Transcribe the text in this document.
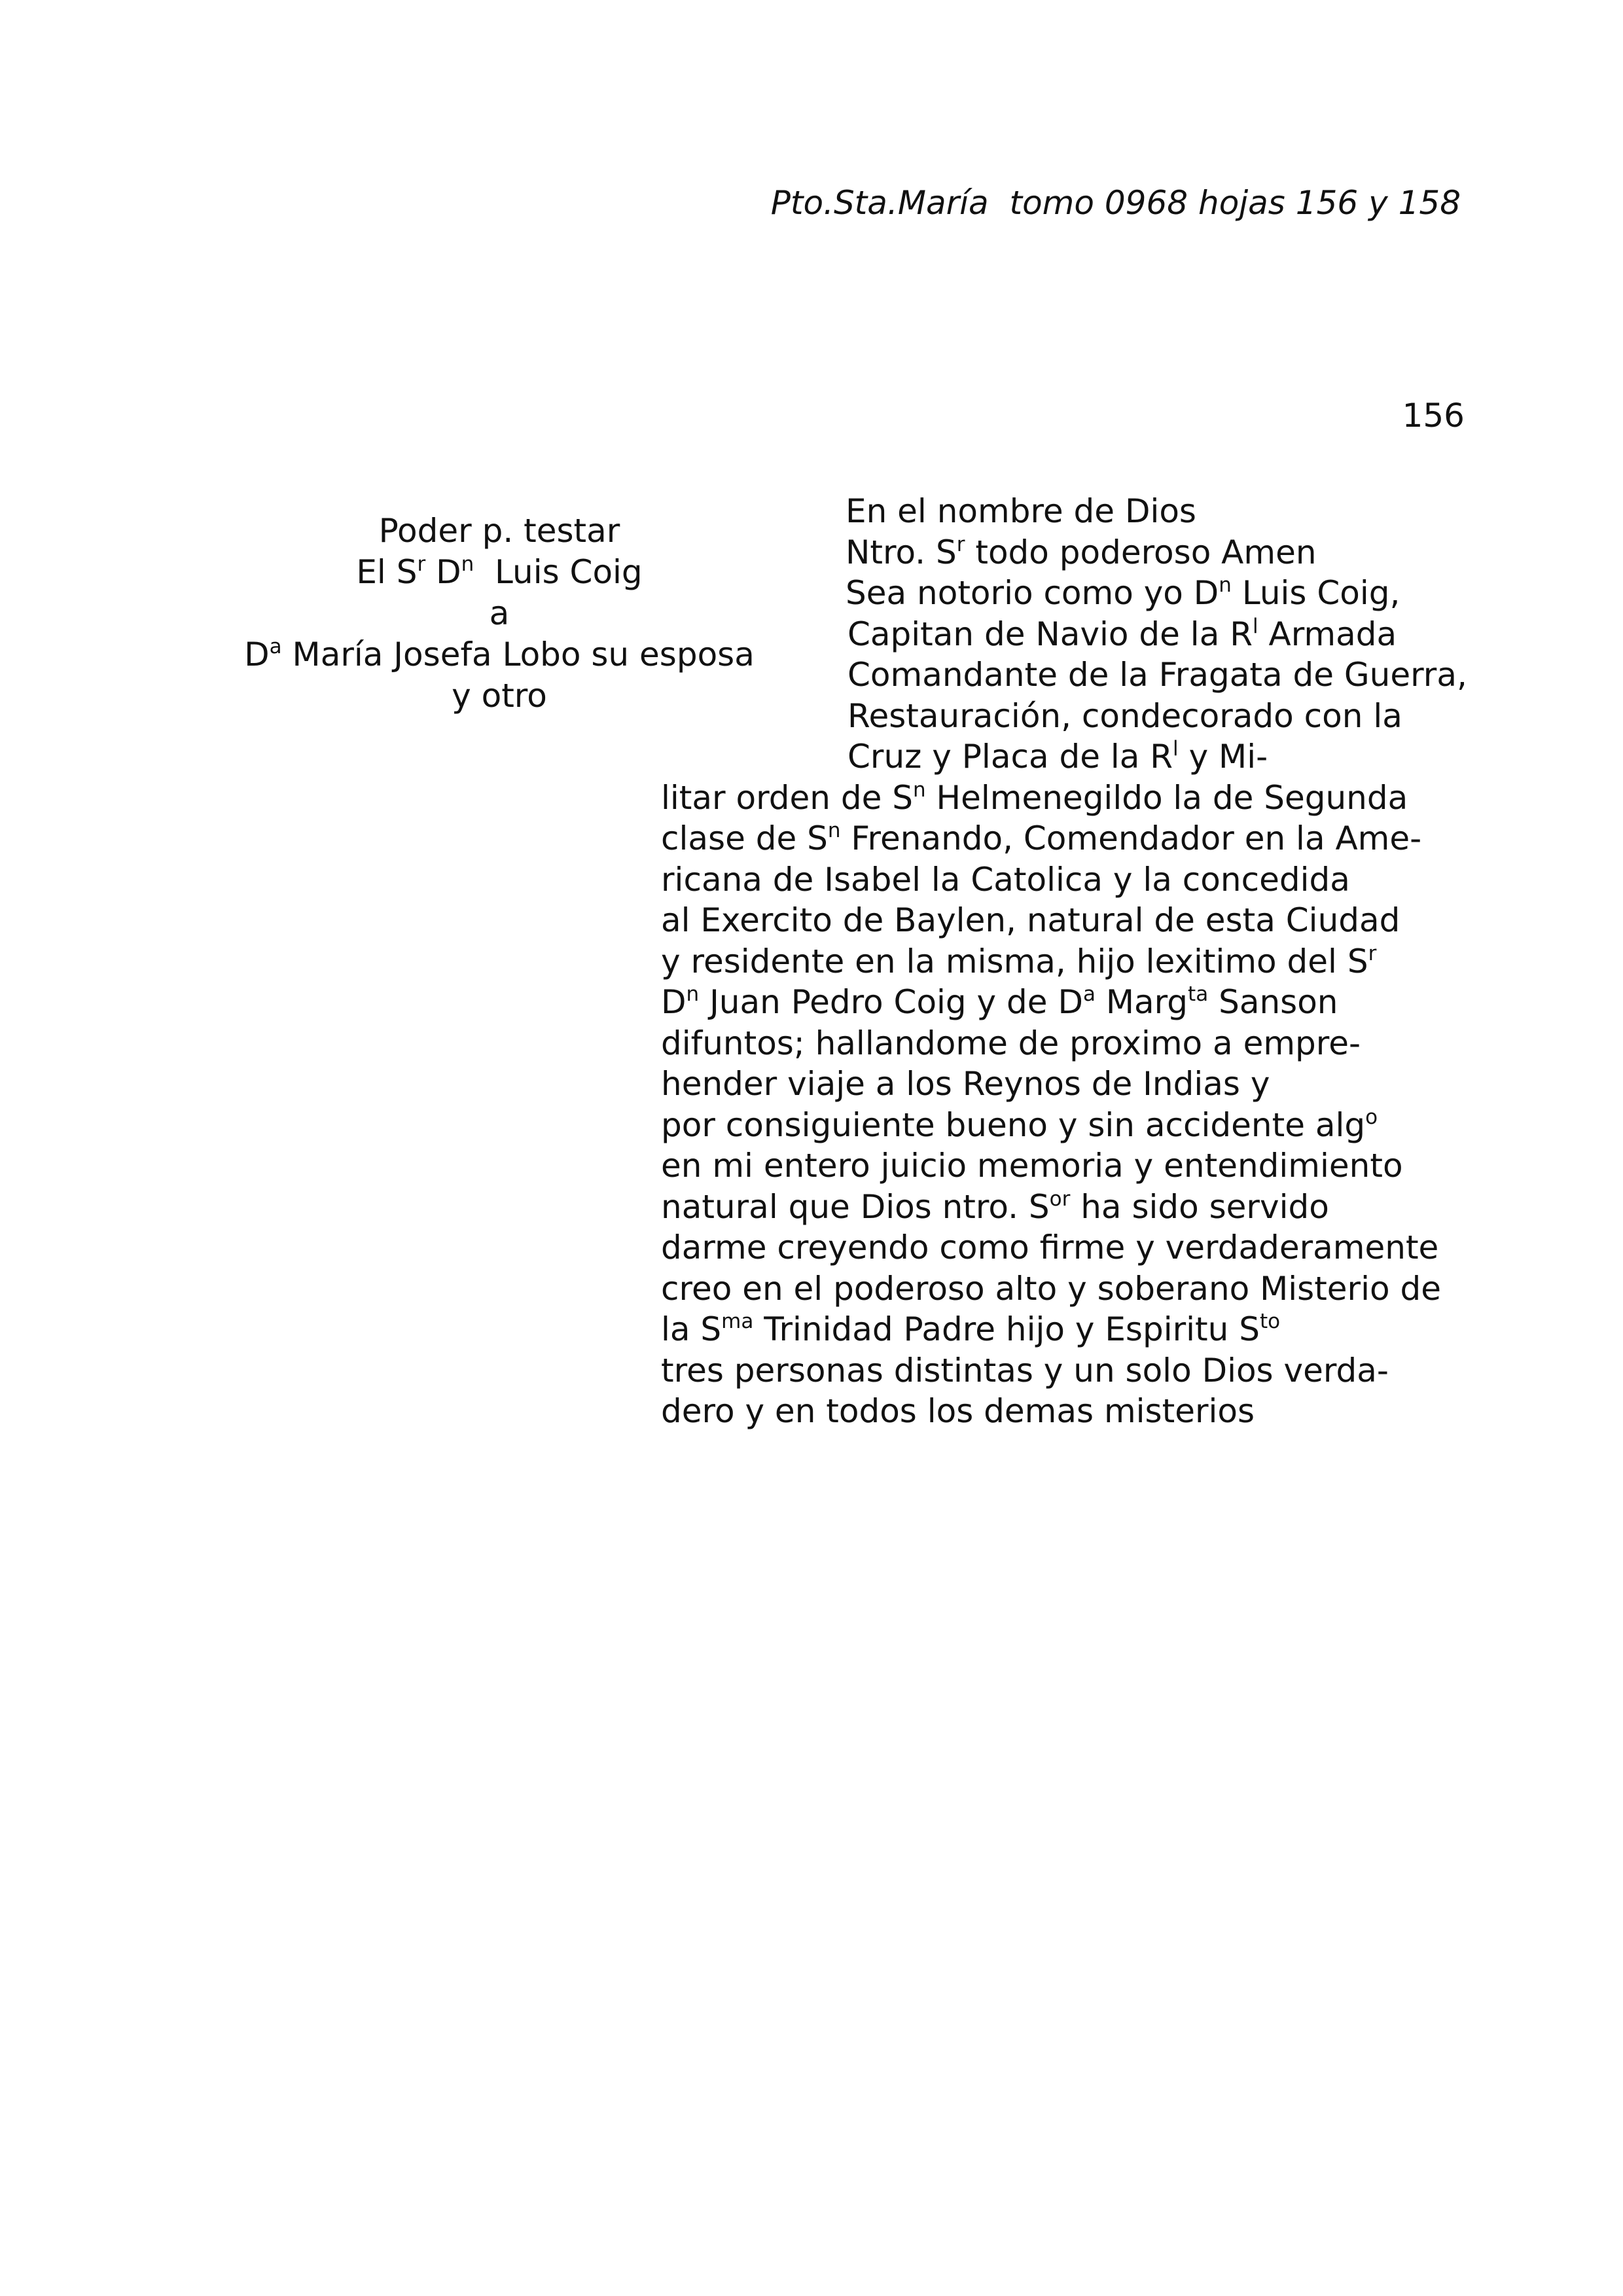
Pto.Sta.María  tomo 0968 hojas 156 y 158
156
Poder p. testar
El $S^r$ $D^n$  Luis Coig
a
$D^a$ María Josefa Lobo su esposa
y otro
En el nombre de Dios
Ntro. $S^r$ todo poderoso Amen
Sea notorio como yo $D^n$ Luis Coig,
Capitan de Navio de la $R^l$ Armada
Comandante de la Fragata de Guerra,
Restauración, condecorado con la
Cruz y Placa de la $R^l$ y Mi-
litar orden de $S^n$ Helmenegildo la de Segunda
clase de $S^n$ Frenando, Comendador en la Ame-
ricana de Isabel la Catolica y la concedida
al Exercito de Baylen, natural de esta Ciudad
y residente en la misma, hijo lexitimo del $S^r$
$D^n$ Juan Pedro Coig y de $D^a$ Marg$^{ta}$ Sanson
difuntos; hallandome de proximo a empre-
hender viaje a los Reynos de Indias y
por consiguiente bueno y sin accidente alg$^o$
en mi entero juicio memoria y entendimiento
natural que Dios ntro. $S^{or}$ ha sido servido
darme creyendo como firme y verdaderamente
creo en el poderoso alto y soberano Misterio de
la $S^{ma}$ Trinidad Padre hijo y Espiritu $S^{to}$
tres personas distintas y un solo Dios verda-
dero y en todos los demas misterios
